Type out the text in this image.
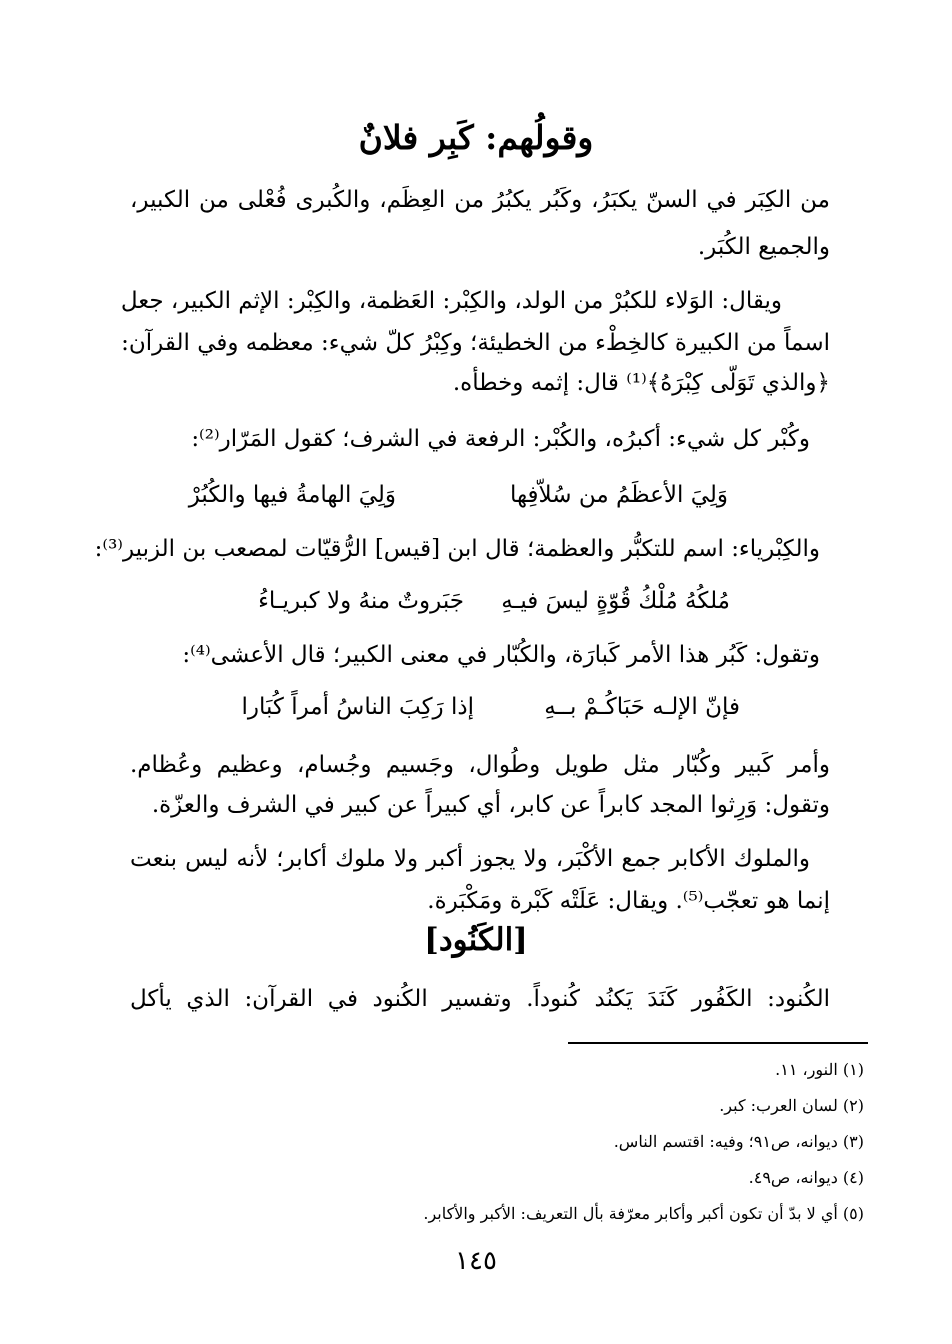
وقولُهم: كَبِر فلانٌ
من الكِبَر في السنّ يكبَرُ، وكَبُر يكبُرُ من العِظَم، والكُبرى فُعْلى من الكبير،
والجميع الكُبَر.
ويقال: الوَلاء للكبُرْ من الولد، والكِبْر: العَظمة، والكِبْر: الإثم الكبير، جعل
اسماً من الكبيرة كالخِطْء من الخطيئة؛ وكِبْرُ كلّ شيء: معظمه وفي القرآن:
﴿والذي تَوَلّى كِبْرَهُ﴾⁽¹⁾ قال: إثمه وخطأه.
وكُبْر كل شيء: أكبرُه، والكُبْر: الرفعة في الشرف؛ كقول المَرّار⁽²⁾:
وَلِيَ الأعظَمُ من سُلاّفِها
وَلِيَ الهامةُ فيها والكُبُرْ
والكِبْرياء: اسم للتكبُّر والعظمة؛ قال ابن [قيس] الرُّقيّات لمصعب بن الزبير⁽³⁾:
مُلكُهُ مُلْكُ قُوّةٍ ليسَ فيـهِ
جَبَروتٌ منهُ ولا كبريـاءُ
وتقول: كَبُر هذا الأمر كَبارَة، والكُبّار في معنى الكبير؛ قال الأعشى⁽⁴⁾:
فإنّ الإلـه حَبَاكُـمْ بــهِ
إذا رَكِبَ الناسُ أمراً كُبَارا
وأمر كَبير وكُبّار مثل طويل وطُوال، وجَسيم وجُسام، وعظيم وعُظام.
وتقول: وَرِثوا المجد كابراً عن كابر، أي كبيراً عن كبير في الشرف والعزّة.
والملوك الأكابر جمع الأكْبَر، ولا يجوز أكبر ولا ملوك أكابر؛ لأنه ليس بنعت
إنما هو تعجّب⁽⁵⁾. ويقال: عَلَتْه كَبْرة ومَكْبَرة.
[الكَنُود]
الكُنود: الكَفُور كَنَدَ يَكنُد كُنوداً. وتفسير الكُنود في القرآن: الذي يأكل
(١) النور، ١١.
(٢) لسان العرب: كبر.
(٣) ديوانه، ص٩١؛ وفيه: اقتسم الناس.
(٤) ديوانه، ص٤٩.
(٥) أي لا بدّ أن تكون أكبر وأكابر معرّفة بأل التعريف: الأكبر والأكابر.
١٤٥
